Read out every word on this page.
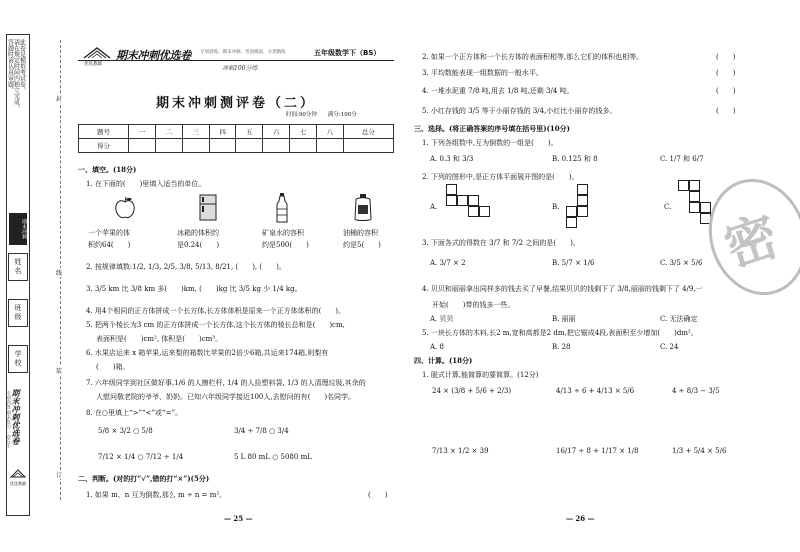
此卷是模拟考试卷，
请在规定时间内独立完成，
答题时请认真审题。
期末冲刺
姓名
班级
学校
期末冲刺优选卷
专项训练 期末复习 一卷在手
优优教辅
封
线
装
订
优优教辅
期末冲刺优选卷 专项训练、期末冲刺、考前模拟、分类精练	五年级数学下（BS）
冲刺100分练
期末冲刺测评卷（二）
时间:90分钟　　满分:100分
题号	一	二	三	四	五	六	七	八	总分
得分									
一、填空。(18分)
1. 在下面的(　　)里填入适当的单位。
一个苹果的体
积约64(　　)
冰箱的体积约
是0.24(　　)
矿泉水的容积
约是500(　　)
油桶的容积
约是5(　　)
2. 按规律填数:1/2, 1/3, 2/5, 3/8, 5/13, 8/21, (　　), (　　)。
3. 3/5 km 比 3/8 km 多(　　)km, (　　)kg 比 3/5 kg 少 1/4 kg。
4. 用4个相同的正方体拼成一个长方体,长方体体积是原来一个正方体体积的(　　)。
5. 把两个棱长为3 cm 的正方体拼成一个长方体,这个长方体的棱长总和是(　　)cm,
表面积是(　　)cm², 体积是(　　)cm³。
6. 水果店运来 x 箱苹果,运来梨的箱数比苹果的2倍少6箱,共运来174箱,则梨有
(　　)箱。
7. 六年级同学到社区做好事,1/6 的人擦栏杆, 1/4 的人捡塑料袋, 1/3 的人清理垃圾,其余的
人慰问敬老院的爷爷、奶奶。已知六年级同学接近100人,去慰问的有(　　)名同学。
8. 在○里填上“>”“<”或“=”。
5/8 × 3/2 ○ 5/8	3/4 ÷ 7/8 ○ 3/4
7/12 × 1/4 ○ 7/12 ÷ 1/4	5 L 80 mL ○ 5080 mL
二、判断。(对的打“√”,错的打“×”)(5分)
1. 如果 m、n 互为倒数,那么 m ÷ n = m²。	(　　)
2. 如果一个正方体和一个长方体的表面积相等,那么它们的体积也相等。	(　　)
3. 平均数能表现一组数据的一般水平。	(　　)
4. 一堆水泥重 7/8 吨,用去 1/8 吨,还剩 3/4 吨。	(　　)
5. 小红存钱的 3/5 等于小丽存钱的 3/4,小红比小丽存的钱多。	(　　)
三、选择。(将正确答案的序号填在括号里)(10分)
1. 下列各组数中,互为倒数的一组是(　　)。
A. 0.3 和 3/3	B. 0.125 和 8	C. 1/7 和 6/7
2. 下列的图形中,是正方体平面展开图的是(　　)。
A.	B.	C.
3. 下面各式的得数在 3/7 和 7/2 之间的是(　　)。
A. 3/7 × 2	B. 5/7 × 1/6	C. 3/5 × 5/6
4. 贝贝和丽丽拿出同样多的钱去买了早餐,结果贝贝的钱剩下了 3/8,丽丽的钱剩下了 4/9,一
开始(　　)带的钱多一些。
A. 贝贝	B. 丽丽	C. 无法确定
5. 一块长方体的木料,长2 m,宽和高都是2 dm,把它锯成4段,表面积至少增加(　　)dm²。
A. 8	B. 28	C. 24
四、计算。(18分)
1. 脱式计算,能简算的要简算。(12分)
24 × (3/8 + 5/6 + 2/3)	4/13 ÷ 6 + 4/13 × 5/6	4 ÷ 8/3 − 3/5
7/13 × 1/2 × 39	16/17 ÷ 8 + 1/17 × 1/8	1/3 + 5/4 × 5/6
密
— 25 —	— 26 —
